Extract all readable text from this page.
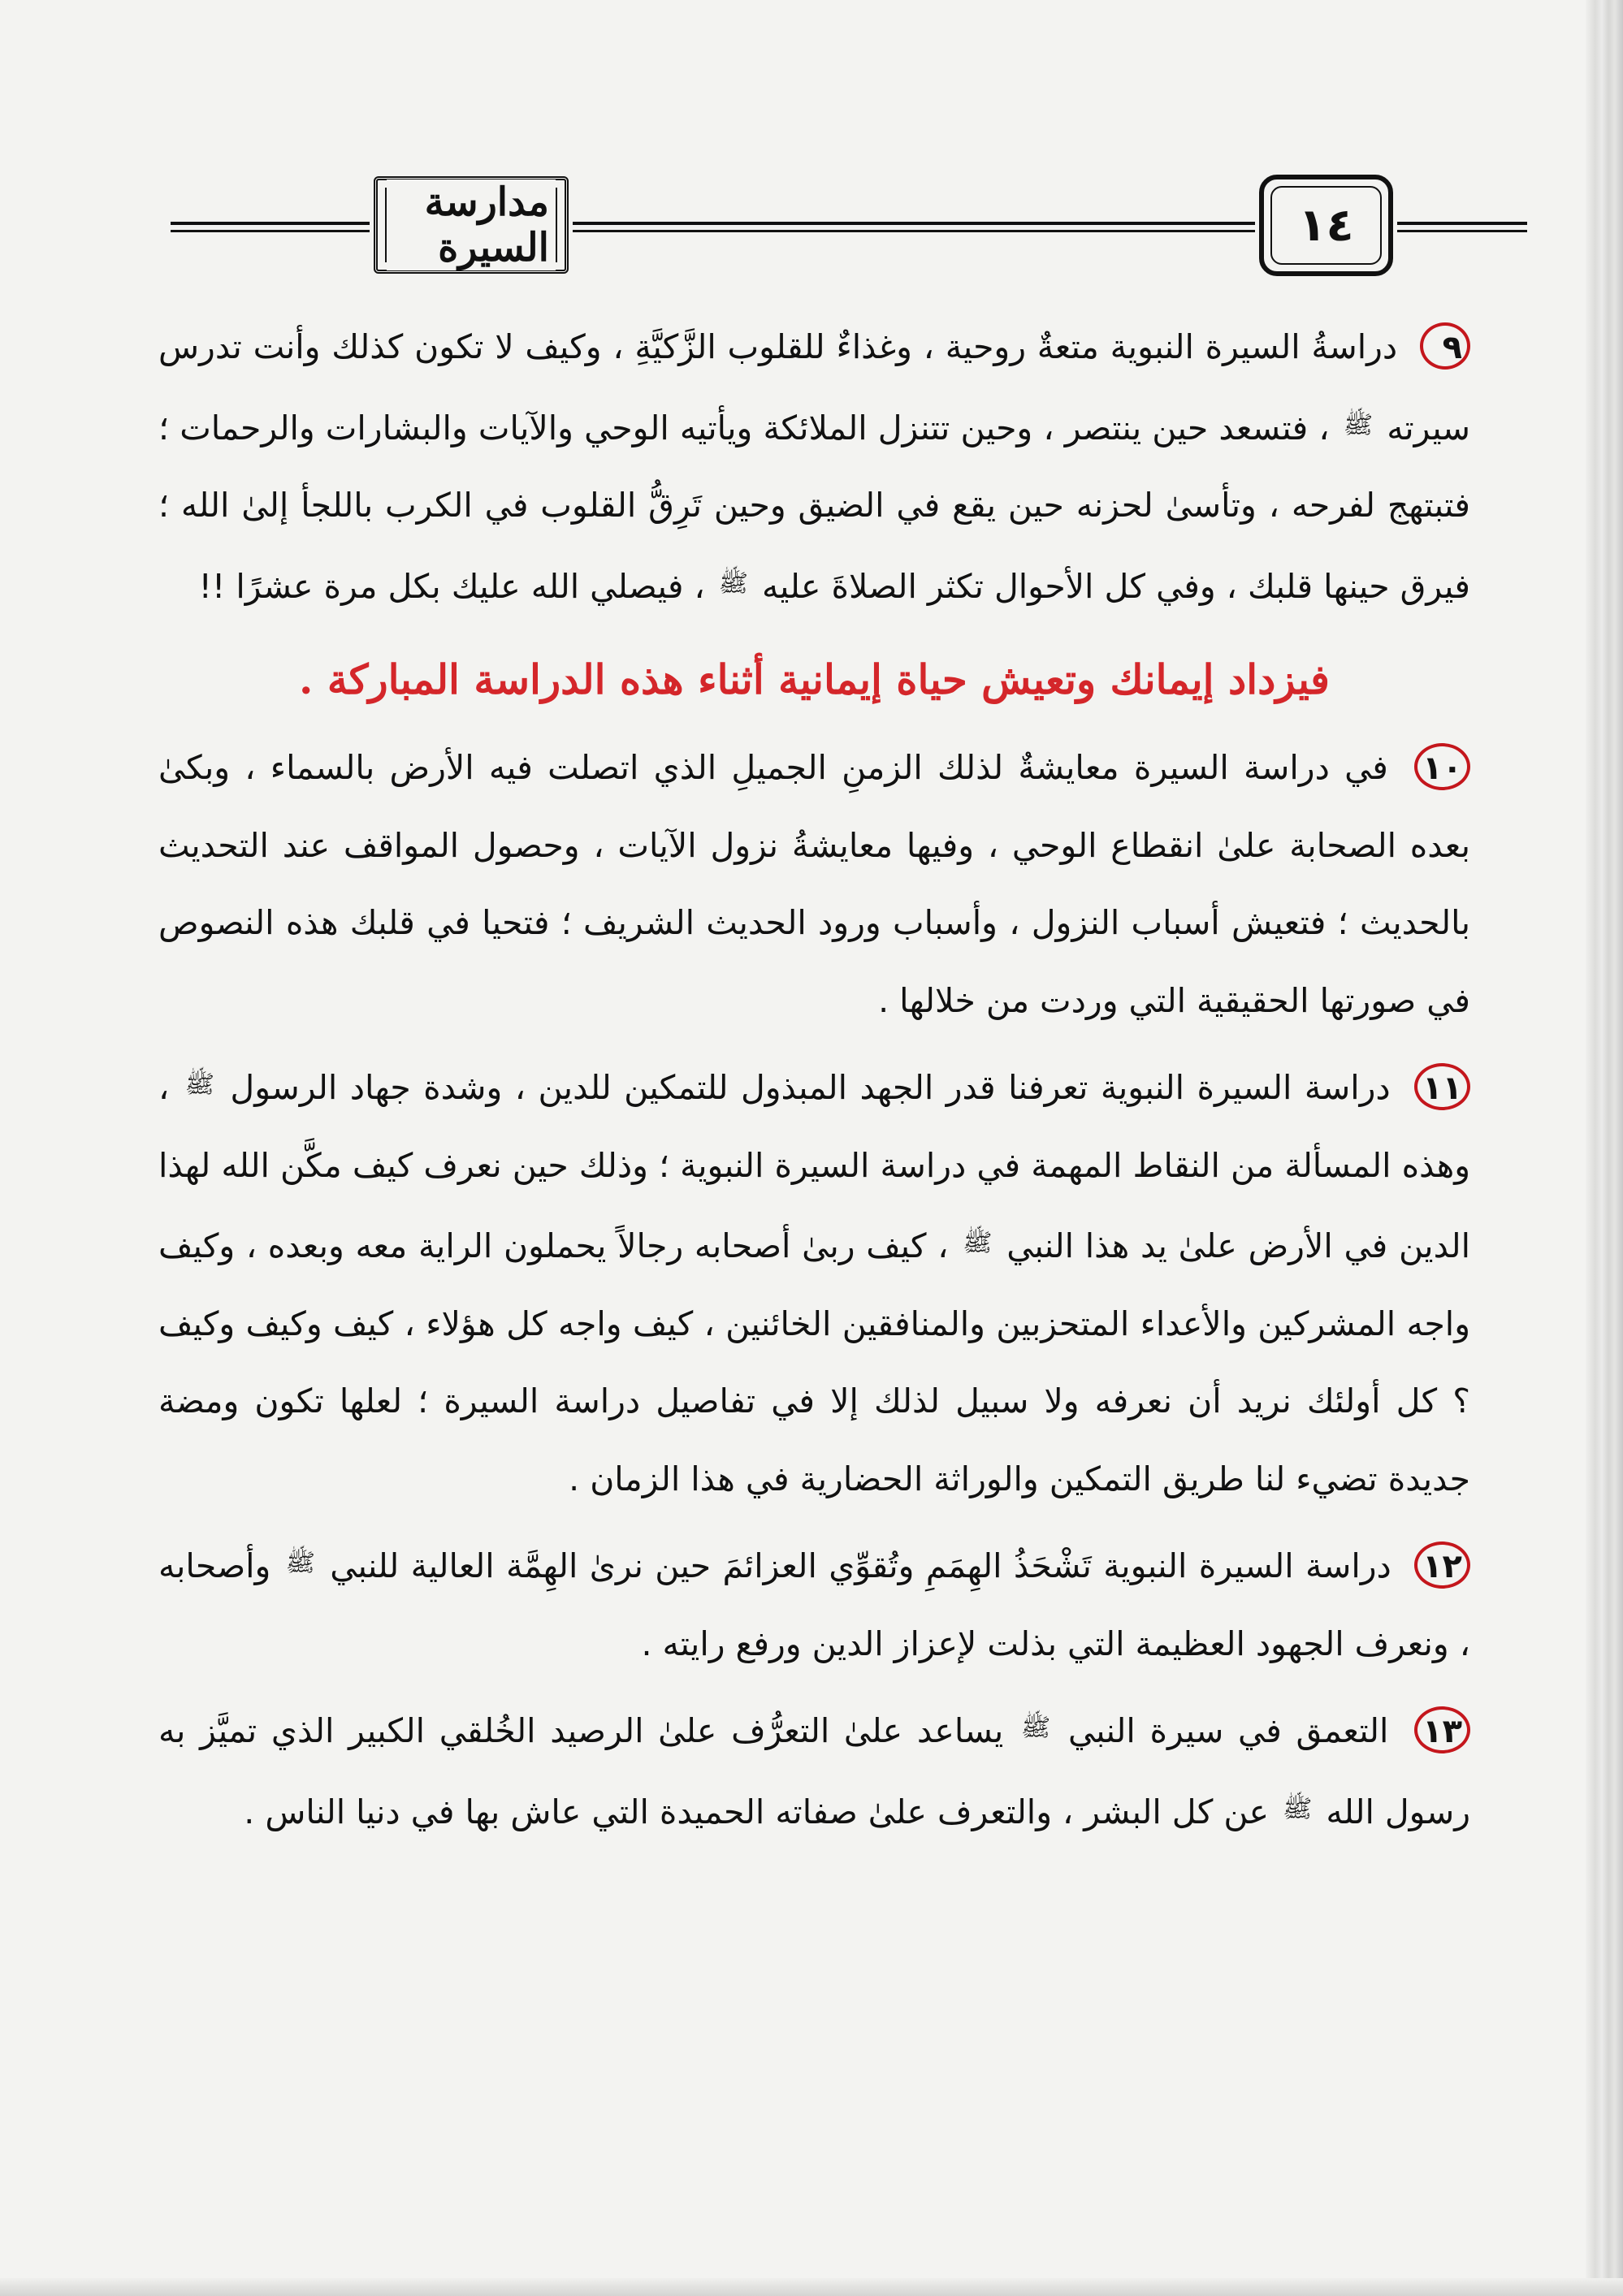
مدارسة السيرة	١٤

٩ دراسةُ السيرة النبوية متعةٌ روحية ، وغذاءٌ للقلوب الزَّكيَّةِ ، وكيف لا تكون كذلك وأنت تدرس سيرته ﷺ ، فتسعد حين ينتصر ، وحين تتنزل الملائكة ويأتيه الوحي والآيات والبشارات والرحمات ؛ فتبتهج لفرحه ، وتأسىٰ لحزنه حين يقع في الضيق وحين تَرِقُّ القلوب في الكرب باللجأ إلىٰ الله ؛ فيرق حينها قلبك ، وفي كل الأحوال تكثر الصلاةَ عليه ﷺ ، فيصلي الله عليك بكل مرة عشرًا !!

فيزداد إيمانك وتعيش حياة إيمانية أثناء هذه الدراسة المباركة .

١٠ في دراسة السيرة معايشةٌ لذلك الزمنِ الجميلِ الذي اتصلت فيه الأرض بالسماء ، وبكىٰ بعده الصحابة علىٰ انقطاع الوحي ، وفيها معايشةُ نزول الآيات ، وحصول المواقف عند التحديث بالحديث ؛ فتعيش أسباب النزول ، وأسباب ورود الحديث الشريف ؛ فتحيا في قلبك هذه النصوص في صورتها الحقيقية التي وردت من خلالها .

١١ دراسة السيرة النبوية تعرفنا قدر الجهد المبذول للتمكين للدين ، وشدة جهاد الرسول ﷺ ، وهذه المسألة من النقاط المهمة في دراسة السيرة النبوية ؛ وذلك حين نعرف كيف مكَّن الله لهذا الدين في الأرض علىٰ يد هذا النبي ﷺ ، كيف ربىٰ أصحابه رجالاً يحملون الراية معه وبعده ، وكيف واجه المشركين والأعداء المتحزبين والمنافقين الخائنين ، كيف واجه كل هؤلاء ، كيف وكيف وكيف ؟ كل أولئك نريد أن نعرفه ولا سبيل لذلك إلا في تفاصيل دراسة السيرة ؛ لعلها تكون ومضة جديدة تضيء لنا طريق التمكين والوراثة الحضارية في هذا الزمان .

١٢ دراسة السيرة النبوية تَشْحَذُ الهِمَمِ وتُقوِّي العزائمَ حين نرىٰ الهِمَّة العالية للنبي ﷺ وأصحابه ، ونعرف الجهود العظيمة التي بذلت لإعزاز الدين ورفع رايته .

١٣ التعمق في سيرة النبي ﷺ يساعد علىٰ التعرُّف علىٰ الرصيد الخُلقي الكبير الذي تميَّز به رسول الله ﷺ عن كل البشر ، والتعرف علىٰ صفاته الحميدة التي عاش بها في دنيا الناس .
